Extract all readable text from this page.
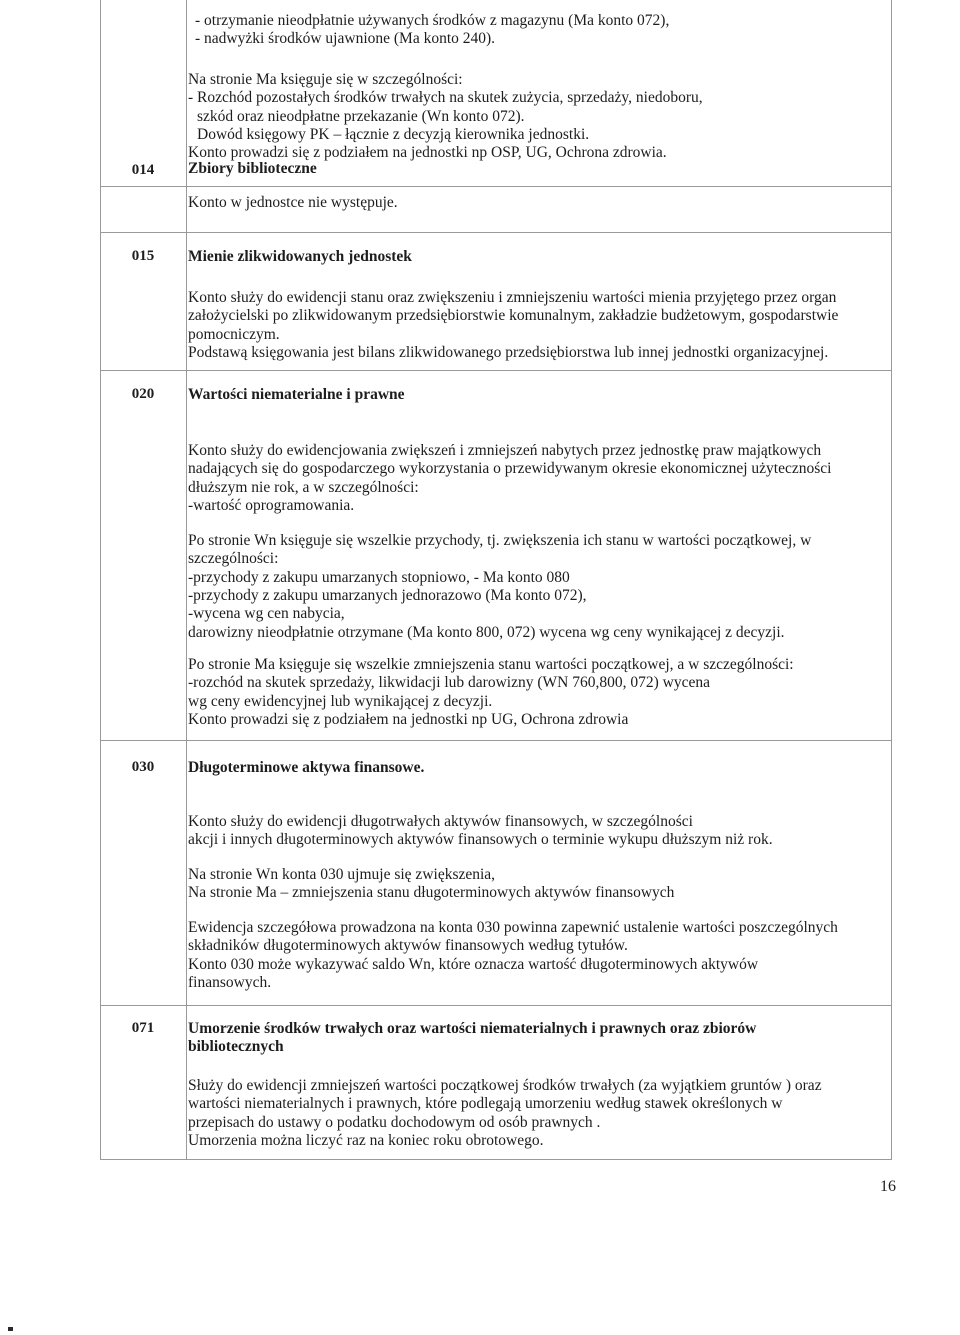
- otrzymanie nieodpłatnie używanych środków z magazynu (Ma konto 072),

- nadwyżki środków ujawnione (Ma konto 240).

Na stronie Ma księguje się w szczególności:

- Rozchód pozostałych środków trwałych na skutek zużycia, sprzedaży, niedoboru,

szkód oraz nieodpłatne przekazanie (Wn konto 072).

Dowód księgowy PK – łącznie z decyzją kierownika jednostki.

Konto prowadzi się z podziałem na jednostki np OSP, UG, Ochrona zdrowia.

014	Zbiory biblioteczne

Konto w jednostce nie występuje.

015	Mienie zlikwidowanych jednostek

Konto służy do ewidencji stanu oraz zwiększeniu i zmniejszeniu wartości mienia przyjętego przez organ

założycielski po zlikwidowanym przedsiębiorstwie komunalnym, zakładzie budżetowym, gospodarstwie

pomocniczym.

Podstawą księgowania jest bilans zlikwidowanego przedsiębiorstwa lub innej jednostki organizacyjnej.

020	Wartości niematerialne i prawne

Konto służy do ewidencjowania zwiększeń i zmniejszeń nabytych przez jednostkę praw majątkowych

nadających się do gospodarczego wykorzystania o przewidywanym okresie ekonomicznej użyteczności

dłuższym nie rok, a w szczególności:

-wartość oprogramowania.

Po stronie Wn księguje się wszelkie przychody, tj. zwiększenia ich stanu w wartości początkowej, w

szczególności:

-przychody z zakupu umarzanych stopniowo, - Ma konto 080

-przychody z zakupu umarzanych jednorazowo (Ma konto 072),

-wycena wg cen nabycia,

darowizny nieodpłatnie otrzymane (Ma konto 800, 072) wycena wg ceny wynikającej z decyzji.

Po stronie Ma księguje się wszelkie zmniejszenia stanu wartości początkowej, a w szczególności:

-rozchód na skutek sprzedaży, likwidacji lub darowizny (WN 760,800, 072) wycena

wg ceny ewidencyjnej lub wynikającej z decyzji.

Konto prowadzi się z podziałem na jednostki np UG, Ochrona zdrowia

030	Długoterminowe aktywa finansowe.

Konto służy do ewidencji długotrwałych aktywów finansowych, w szczególności

akcji i innych długoterminowych aktywów finansowych o terminie wykupu dłuższym niż rok.

Na stronie Wn konta 030 ujmuje się zwiększenia,

Na stronie Ma – zmniejszenia stanu długoterminowych aktywów finansowych

Ewidencja szczegółowa prowadzona na konta 030 powinna zapewnić ustalenie wartości poszczególnych

składników długoterminowych aktywów finansowych według tytułów.

Konto 030 może wykazywać saldo Wn, które oznacza wartość długoterminowych aktywów

finansowych.

071	Umorzenie środków trwałych oraz wartości niematerialnych i prawnych oraz zbiorów bibliotecznych

Służy do ewidencji zmniejszeń wartości początkowej środków trwałych (za wyjątkiem gruntów ) oraz

wartości niematerialnych i prawnych, które podlegają umorzeniu według stawek określonych w

przepisach do ustawy o podatku dochodowym od osób prawnych .

Umorzenia można liczyć raz na koniec roku obrotowego.

16
